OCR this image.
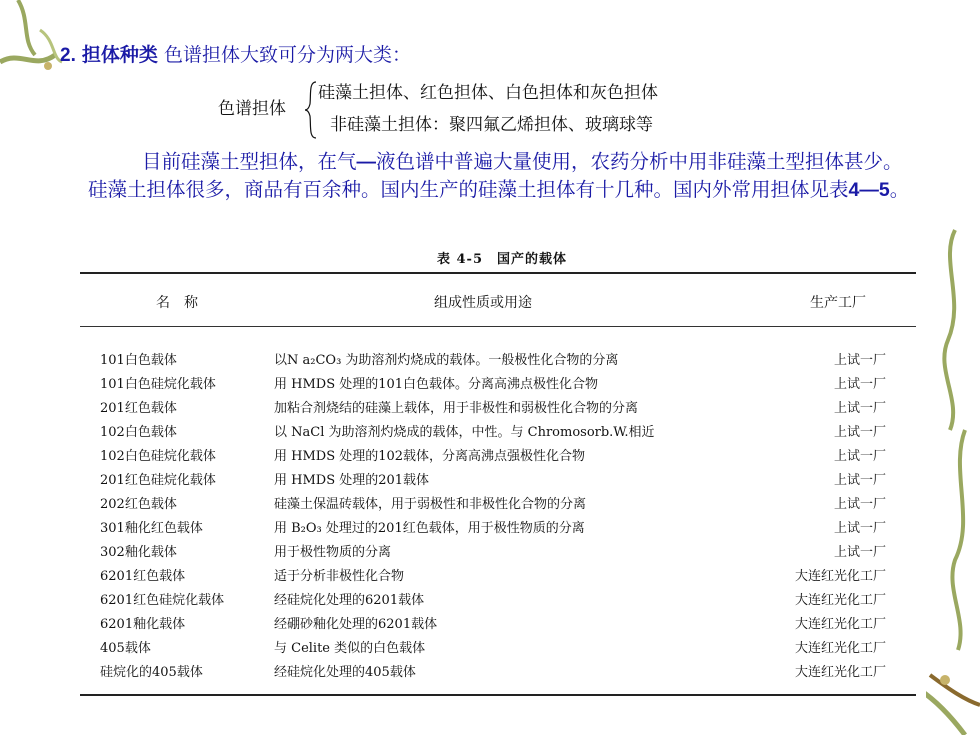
2. 担体种类 色谱担体大致可分为两大类：
色谱担体
硅藻土担体、红色担体、白色担体和灰色担体
非硅藻土担体：聚四氟乙烯担体、玻璃球等
目前硅藻土型担体，在气—液色谱中普遍大量使用，农药分析中用非硅藻土型担体甚少。 硅藻土担体很多，商品有百余种。国内生产的硅藻土担体有十几种。国内外常用担体见表4—5。
表 4-5　国产的载体
名　称	组成性质或用途	生产工厂
101白色载体	以N a₂CO₃ 为助溶剂灼烧成的载体。一般极性化合物的分离	上试一厂
101白色硅烷化载体	用 HMDS 处理的101白色载体。分离高沸点极性化合物	上试一厂
201红色载体	加粘合剂烧结的硅藻上载体，用于非极性和弱极性化合物的分离	上试一厂
102白色载体	以 NaCl 为助溶剂灼烧成的载体，中性。与 Chromosorb.W.相近	上试一厂
102白色硅烷化载体	用 HMDS 处理的102载体，分离高沸点强极性化合物	上试一厂
201红色硅烷化载体	用 HMDS 处理的201载体	上试一厂
202红色载体	硅藻土保温砖载体，用于弱极性和非极性化合物的分离	上试一厂
301釉化红色载体	用 B₂O₃ 处理过的201红色载体，用于极性物质的分离	上试一厂
302釉化载体	用于极性物质的分离	上试一厂
6201红色载体	适于分析非极性化合物	大连红光化工厂
6201红色硅烷化载体	经硅烷化处理的6201载体	大连红光化工厂
6201釉化载体	经硼砂釉化处理的6201载体	大连红光化工厂
405载体	与 Celite 类似的白色载体	大连红光化工厂
硅烷化的405载体	经硅烷化处理的405载体	大连红光化工厂
